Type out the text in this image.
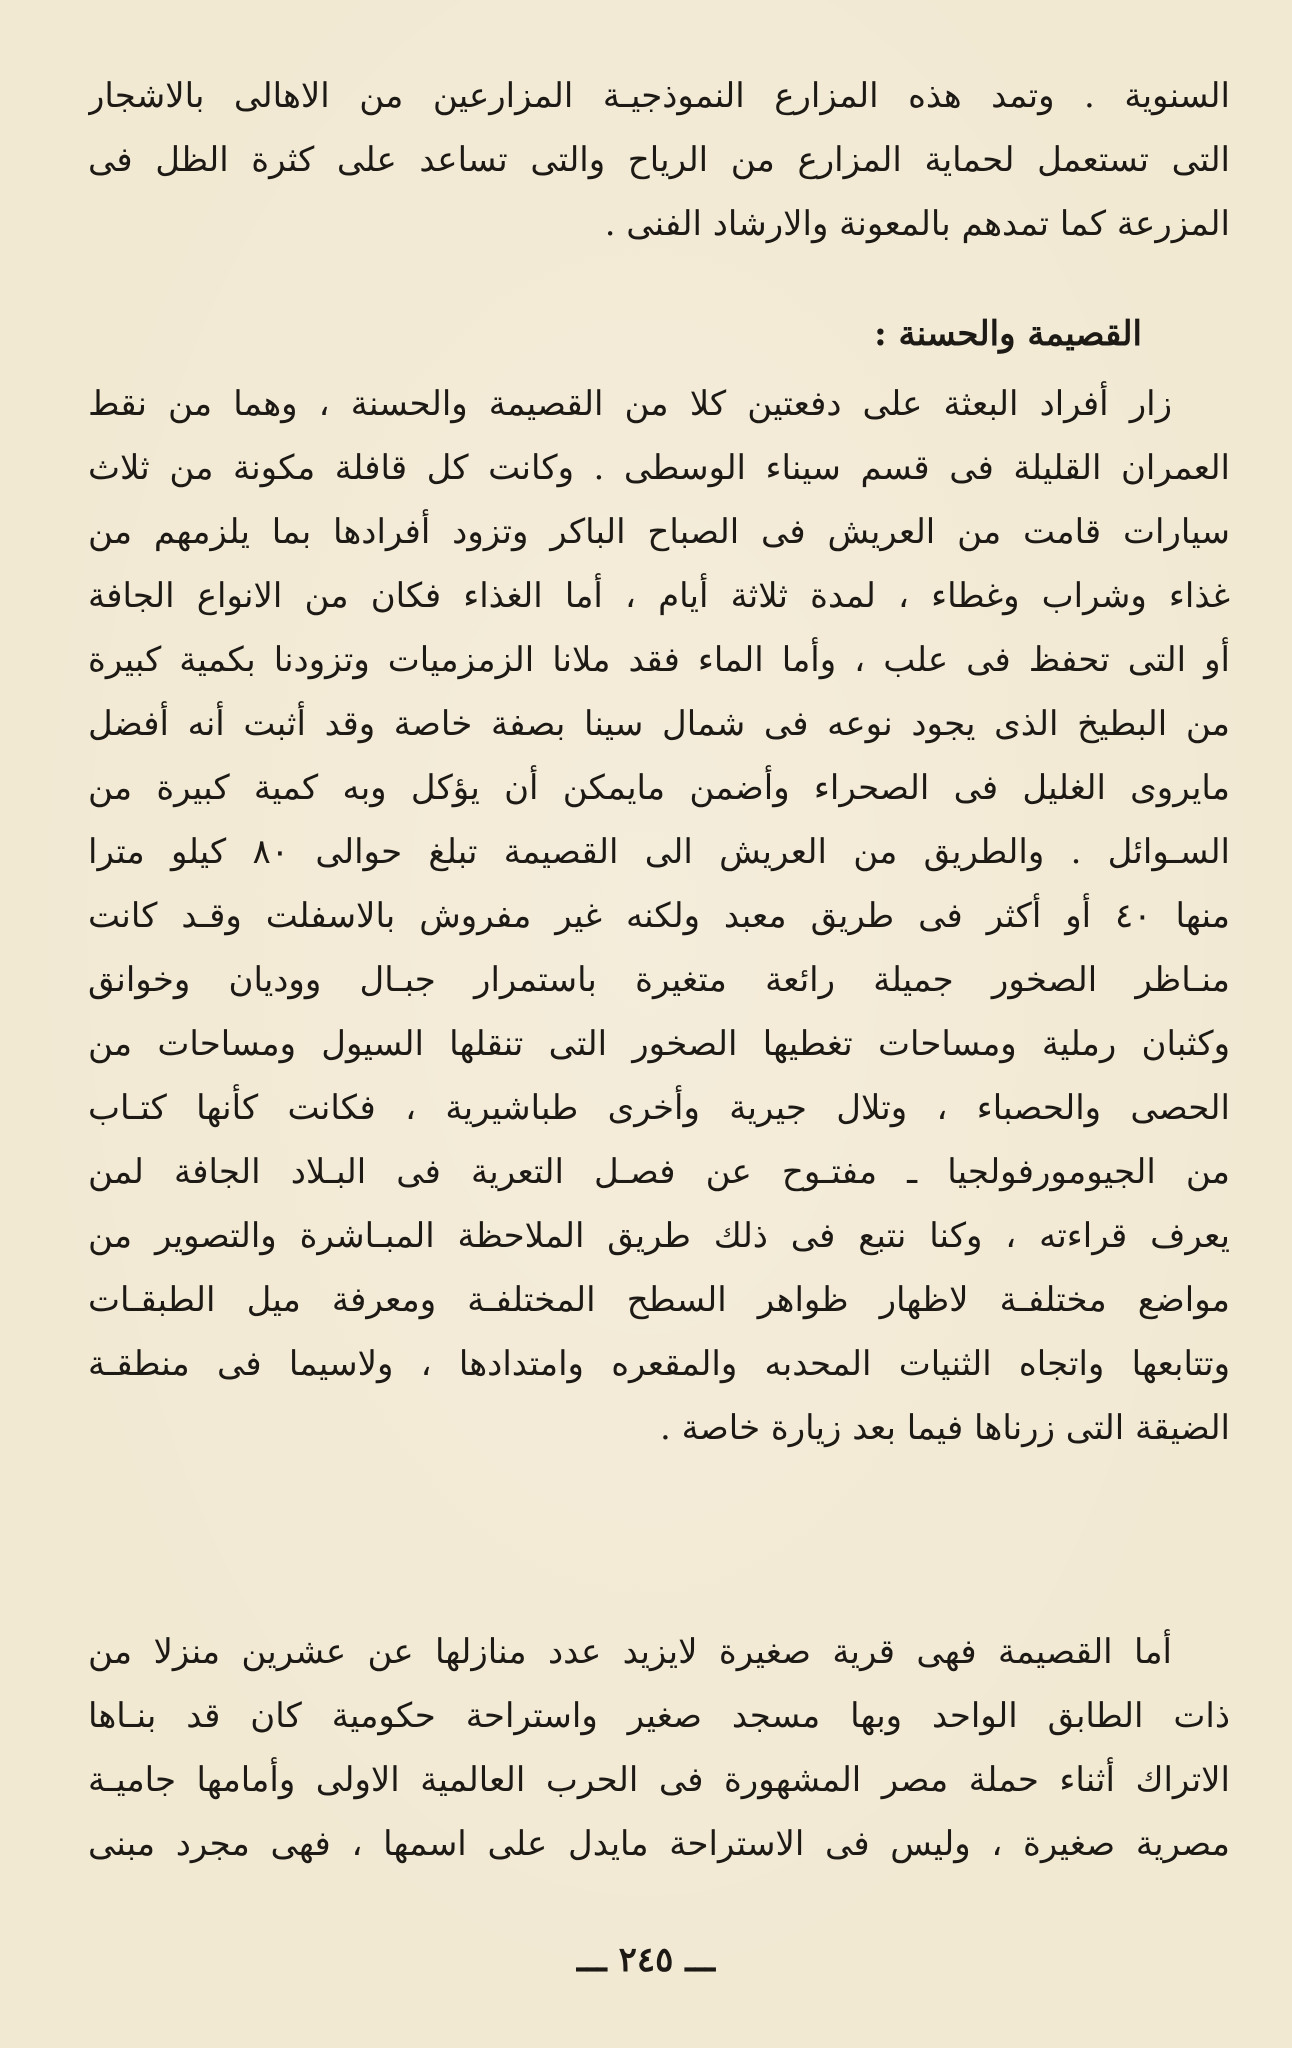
السنوية . وتمد هذه المزارع النموذجيـة المزارعين من الاهالى بالاشجار
التى تستعمل لحماية المزارع من الرياح والتى تساعد على كثرة الظل فى
المزرعة كما تمدهم بالمعونة والارشاد الفنى .
القصيمة والحسنة :
زار أفراد البعثة على دفعتين كلا من القصيمة والحسنة ، وهما من نقط
العمران القليلة فى قسم سيناء الوسطى . وكانت كل قافلة مكونة من ثلاث
سيارات قامت من العريش فى الصباح الباكر وتزود أفرادها بما يلزمهم من
غذاء وشراب وغطاء ، لمدة ثلاثة أيام ، أما الغذاء فكان من الانواع الجافة
أو التى تحفظ فى علب ، وأما الماء فقد ملانا الزمزميات وتزودنا بكمية كبيرة
من البطيخ الذى يجود نوعه فى شمال سينا بصفة خاصة وقد أثبت أنه أفضل
مايروى الغليل فى الصحراء وأضمن مايمكن أن يؤكل وبه كمية كبيرة من
السـوائل . والطريق من العريش الى القصيمة تبلغ حوالى ٨٠ كيلو مترا
منها ٤٠ أو أكثر فى طريق معبد ولكنه غير مفروش بالاسفلت وقـد كانت
منـاظر الصخور جميلة رائعة متغيرة باستمرار جبـال ووديان وخوانق
وكثبان رملية ومساحات تغطيها الصخور التى تنقلها السيول ومساحات من
الحصى والحصباء ، وتلال جيرية وأخرى طباشيرية ، فكانت كأنها كتـاب
من الجيومورفولجيا ـ مفتـوح عن فصـل التعرية فى البـلاد الجافة لمن
يعرف قراءته ، وكنا نتبع فى ذلك طريق الملاحظة المبـاشرة والتصوير من
مواضع مختلفـة لاظهار ظواهر السطح المختلفـة ومعرفة ميل الطبقـات
وتتابعها واتجاه الثنيات المحدبه والمقعره وامتدادها ، ولاسيما فى منطقـة
الضيقة التى زرناها فيما بعد زيارة خاصة .
أما القصيمة فهى قرية صغيرة لايزيد عدد منازلها عن عشرين منزلا من
ذات الطابق الواحد وبها مسجد صغير واستراحة حكومية كان قد بنـاها
الاتراك أثناء حملة مصر المشهورة فى الحرب العالمية الاولى وأمامها جاميـة
مصرية صغيرة ، وليس فى الاستراحة مايدل على اسمها ، فهى مجرد مبنى
ـــ ٢٤٥ ـــ
